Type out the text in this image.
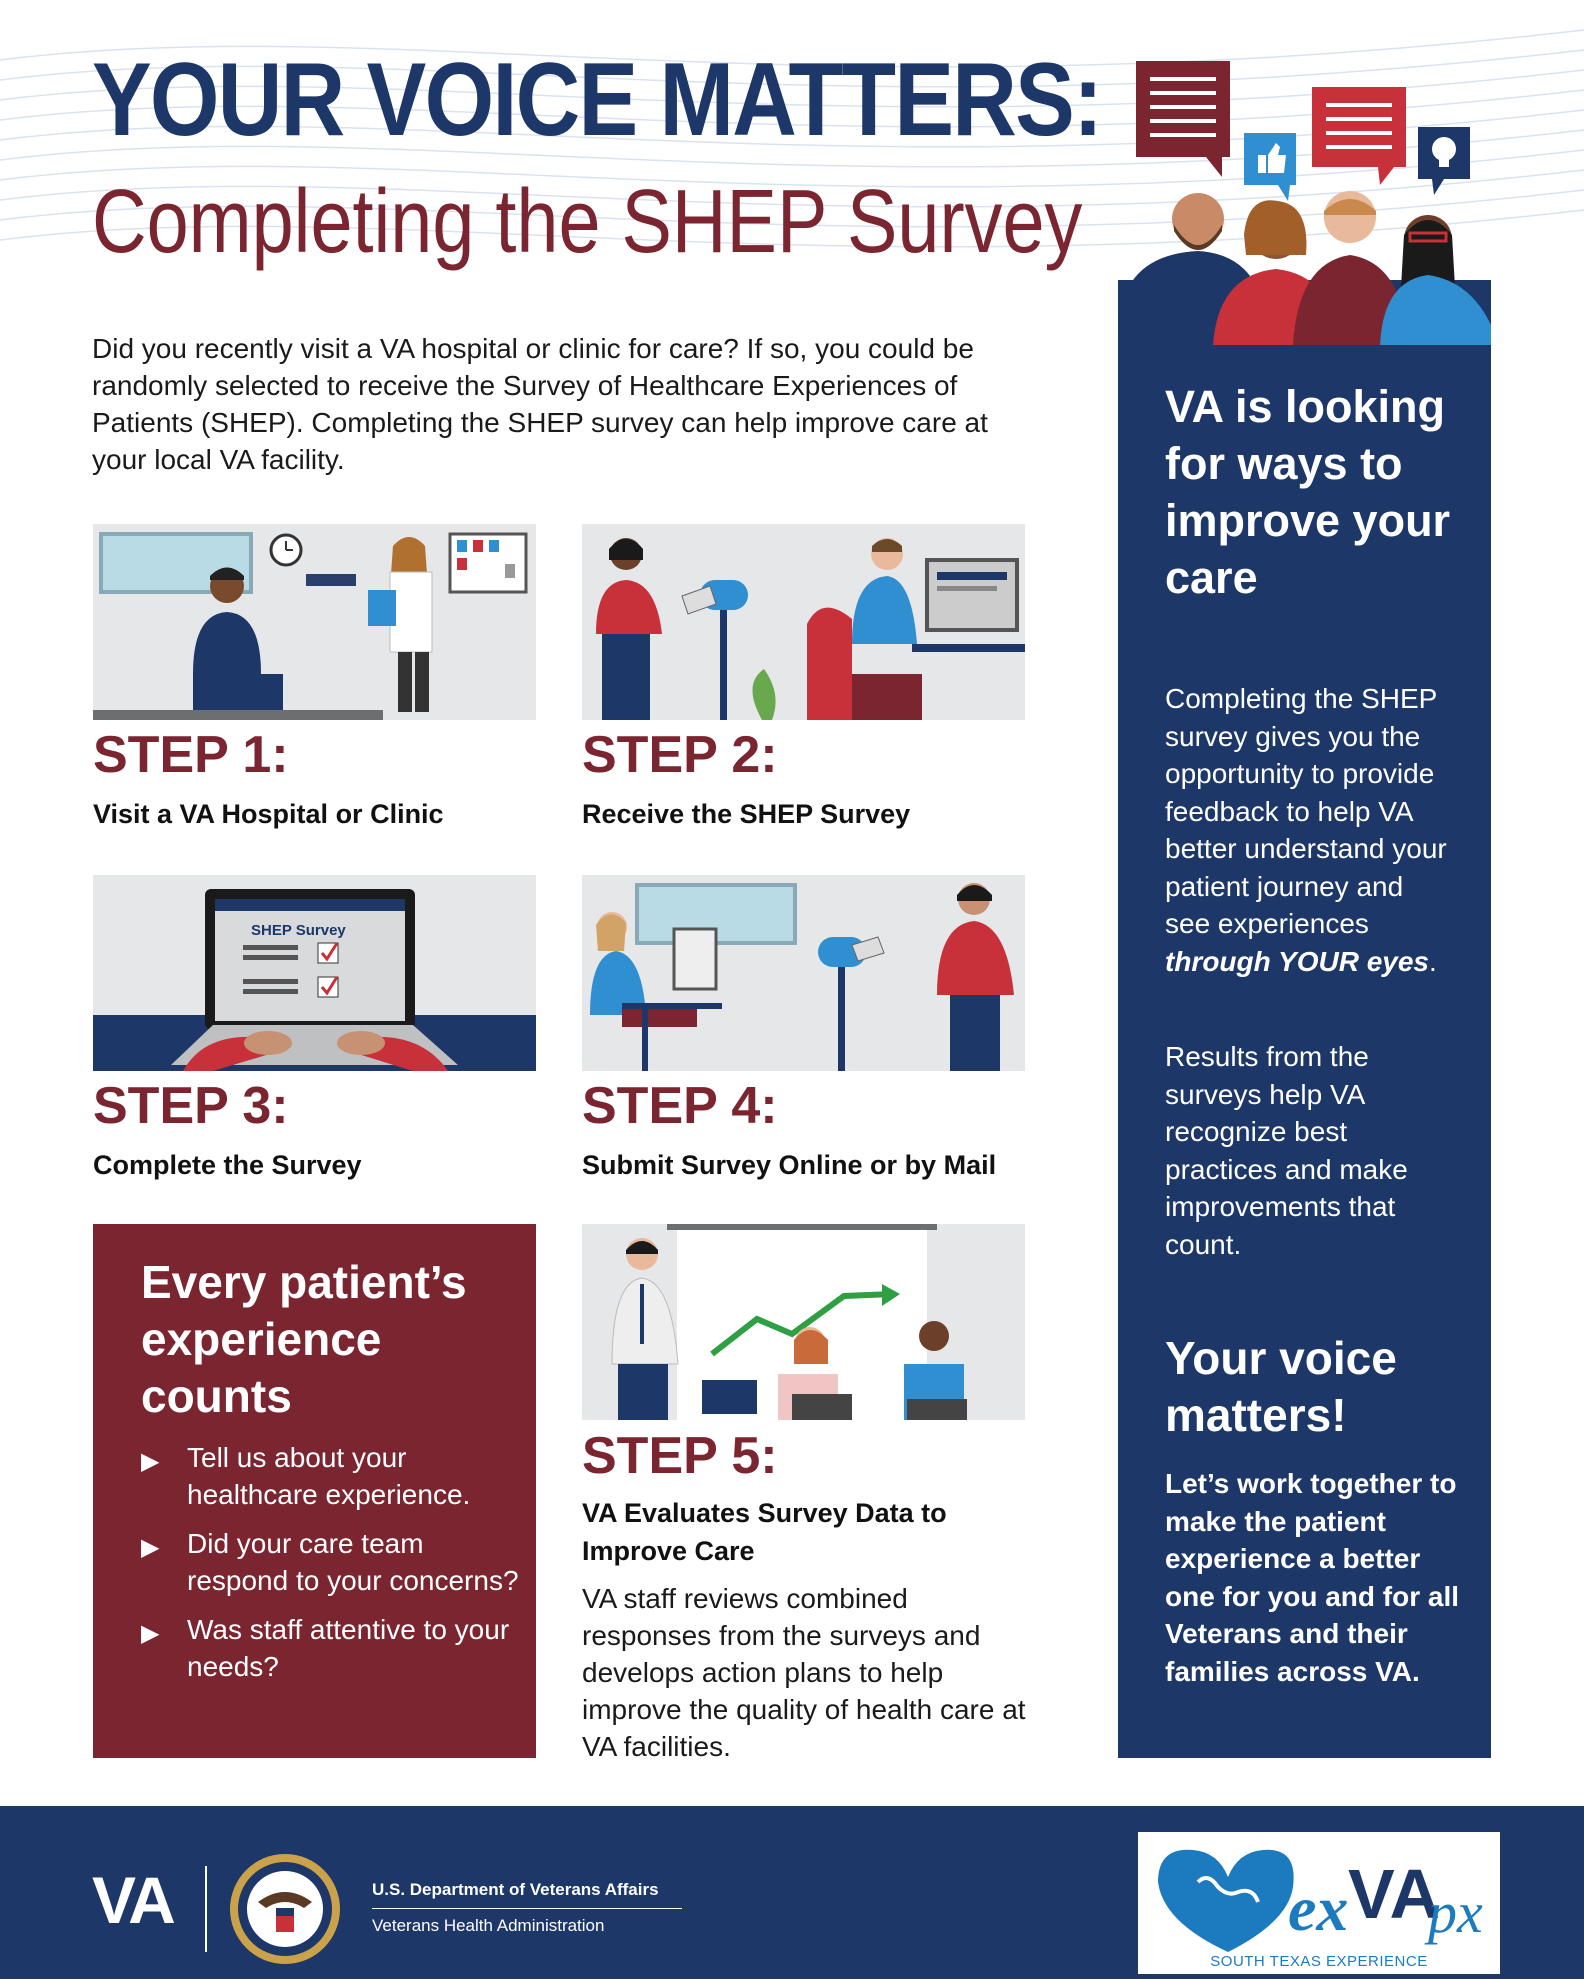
YOUR VOICE MATTERS:
Completing the SHEP Survey
Did you recently visit a VA hospital or clinic for care? If so, you could be randomly selected to receive the Survey of Healthcare Experiences of Patients (SHEP). Completing the SHEP survey can help improve care at your local VA facility.
STEP 1:
Visit a VA Hospital or Clinic
STEP 2:
Receive the SHEP Survey
SHEP Survey
STEP 3:
Complete the Survey
STEP 4:
Submit Survey Online or by Mail
Every patient’s experience counts
▶ Tell us about your healthcare experience.
▶ Did your care team respond to your concerns?
▶ Was staff attentive to your needs?
STEP 5:
VA Evaluates Survey Data to Improve Care
VA staff reviews combined responses from the surveys and develops action plans to help improve the quality of health care at VA facilities.
VA is looking for ways to improve your care
Completing the SHEP survey gives you the opportunity to provide feedback to help VA better understand your patient journey and see experiences through YOUR eyes.
Results from the surveys help VA recognize best practices and make improvements that count.
Your voice matters!
Let’s work together to make the patient experience a better one for you and for all Veterans and their families across VA.
VA	U.S. Department of Veterans Affairs
Veterans Health Administration	ex VA
px
SOUTH TEXAS EXPERIENCE
